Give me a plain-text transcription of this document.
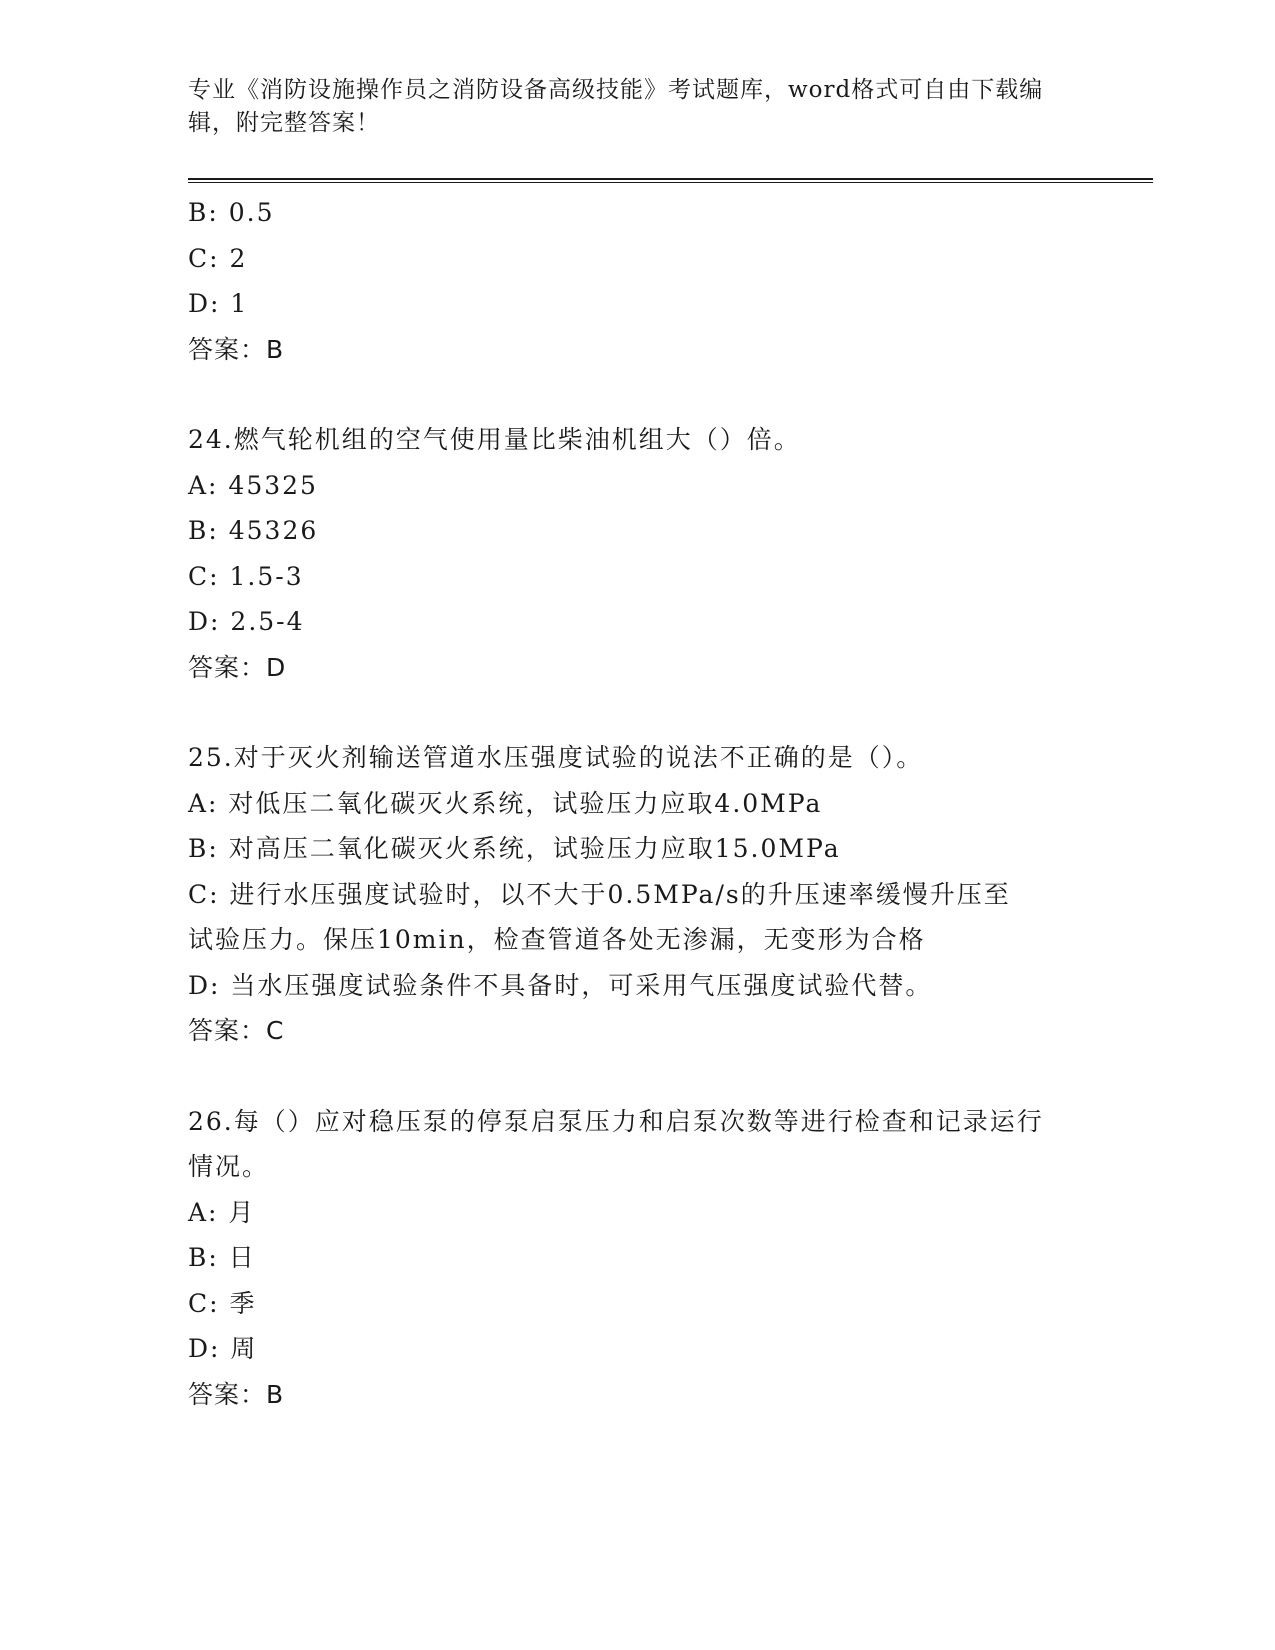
专业《消防设施操作员之消防设备高级技能》考试题库，word格式可自由下载编辑，附完整答案！
B: 0.5
C: 2
D: 1
答案：B
24.燃气轮机组的空气使用量比柴油机组大（）倍。
A: 45325
B: 45326
C: 1.5-3
D: 2.5-4
答案：D
25.对于灭火剂输送管道水压强度试验的说法不正确的是（）。
A: 对低压二氧化碳灭火系统，试验压力应取4.0MPa
B: 对高压二氧化碳灭火系统，试验压力应取15.0MPa
C: 进行水压强度试验时，以不大于0.5MPa/s的升压速率缓慢升压至试验压力。保压10min，检查管道各处无渗漏，无变形为合格
D: 当水压强度试验条件不具备时，可采用气压强度试验代替。
答案：C
26.每（）应对稳压泵的停泵启泵压力和启泵次数等进行检查和记录运行情况。
A: 月
B: 日
C: 季
D: 周
答案：B
